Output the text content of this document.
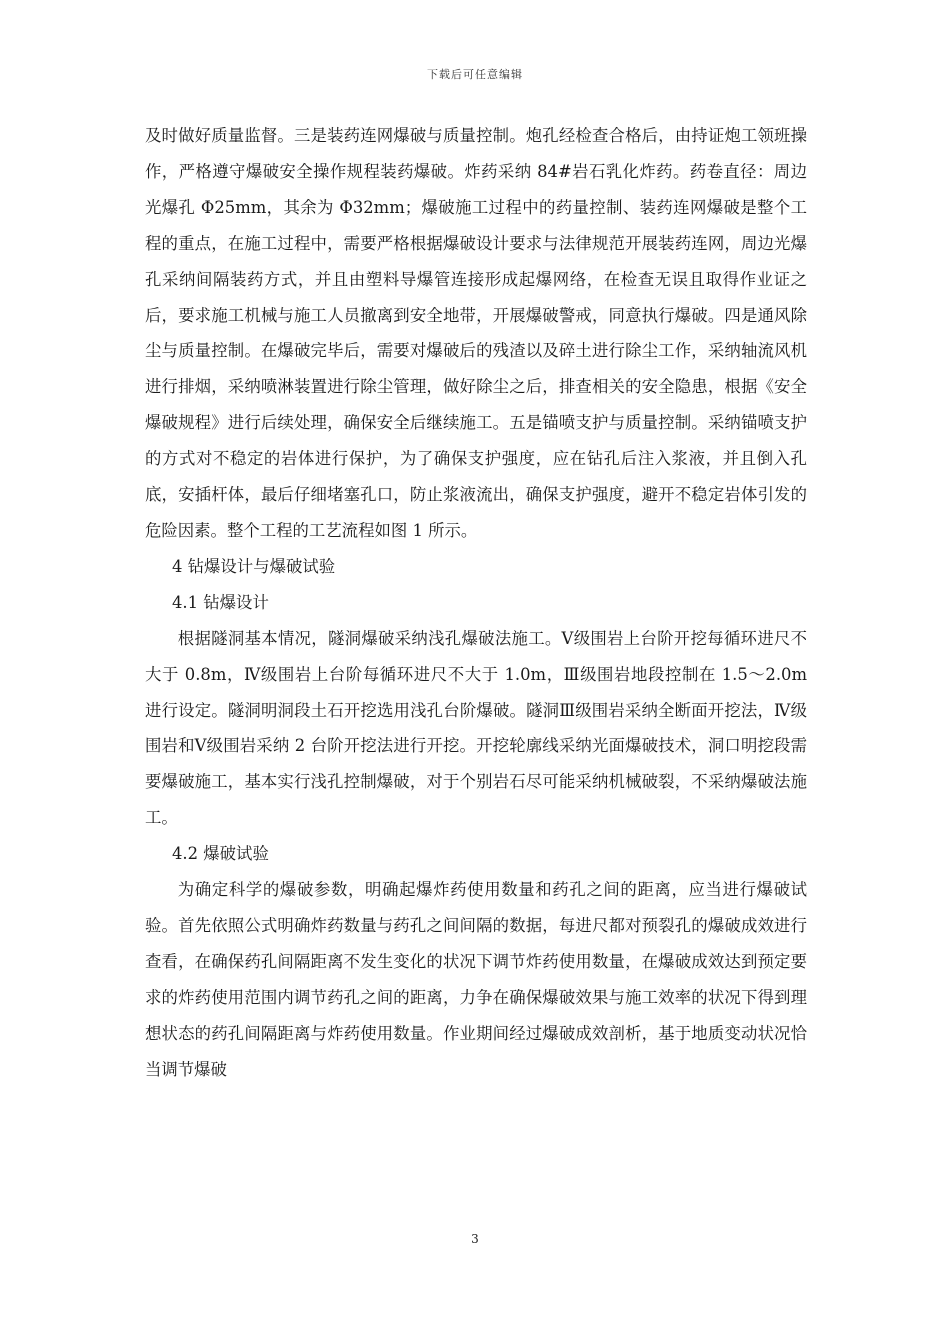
下载后可任意编辑

及时做好质量监督。三是装药连网爆破与质量控制。炮孔经检查合格后，由持证炮工领班操作，严格遵守爆破安全操作规程装药爆破。炸药采纳 84#岩石乳化炸药。药卷直径：周边光爆孔 Φ25mm，其余为 Φ32mm；爆破施工过程中的药量控制、装药连网爆破是整个工程的重点，在施工过程中，需要严格根据爆破设计要求与法律规范开展装药连网，周边光爆孔采纳间隔装药方式，并且由塑料导爆管连接形成起爆网络，在检查无误且取得作业证之后，要求施工机械与施工人员撤离到安全地带，开展爆破警戒，同意执行爆破。四是通风除尘与质量控制。在爆破完毕后，需要对爆破后的残渣以及碎土进行除尘工作，采纳轴流风机进行排烟，采纳喷淋装置进行除尘管理，做好除尘之后，排查相关的安全隐患，根据《安全爆破规程》进行后续处理，确保安全后继续施工。五是锚喷支护与质量控制。采纳锚喷支护的方式对不稳定的岩体进行保护，为了确保支护强度，应在钻孔后注入浆液，并且倒入孔底，安插杆体，最后仔细堵塞孔口，防止浆液流出，确保支护强度，避开不稳定岩体引发的危险因素。整个工程的工艺流程如图 1 所示。

4 钻爆设计与爆破试验

4.1 钻爆设计

根据隧洞基本情况，隧洞爆破采纳浅孔爆破法施工。Ⅴ级围岩上台阶开挖每循环进尺不大于 0.8m，Ⅳ级围岩上台阶每循环进尺不大于 1.0m，Ⅲ级围岩地段控制在 1.5～2.0m 进行设定。隧洞明洞段土石开挖选用浅孔台阶爆破。隧洞Ⅲ级围岩采纳全断面开挖法，Ⅳ级围岩和Ⅴ级围岩采纳 2 台阶开挖法进行开挖。开挖轮廓线采纳光面爆破技术，洞口明挖段需要爆破施工，基本实行浅孔控制爆破，对于个别岩石尽可能采纳机械破裂，不采纳爆破法施工。

4.2 爆破试验

为确定科学的爆破参数，明确起爆炸药使用数量和药孔之间的距离，应当进行爆破试验。首先依照公式明确炸药数量与药孔之间间隔的数据，每进尺都对预裂孔的爆破成效进行查看，在确保药孔间隔距离不发生变化的状况下调节炸药使用数量，在爆破成效达到预定要求的炸药使用范围内调节药孔之间的距离，力争在确保爆破效果与施工效率的状况下得到理想状态的药孔间隔距离与炸药使用数量。作业期间经过爆破成效剖析，基于地质变动状况恰当调节爆破

3
